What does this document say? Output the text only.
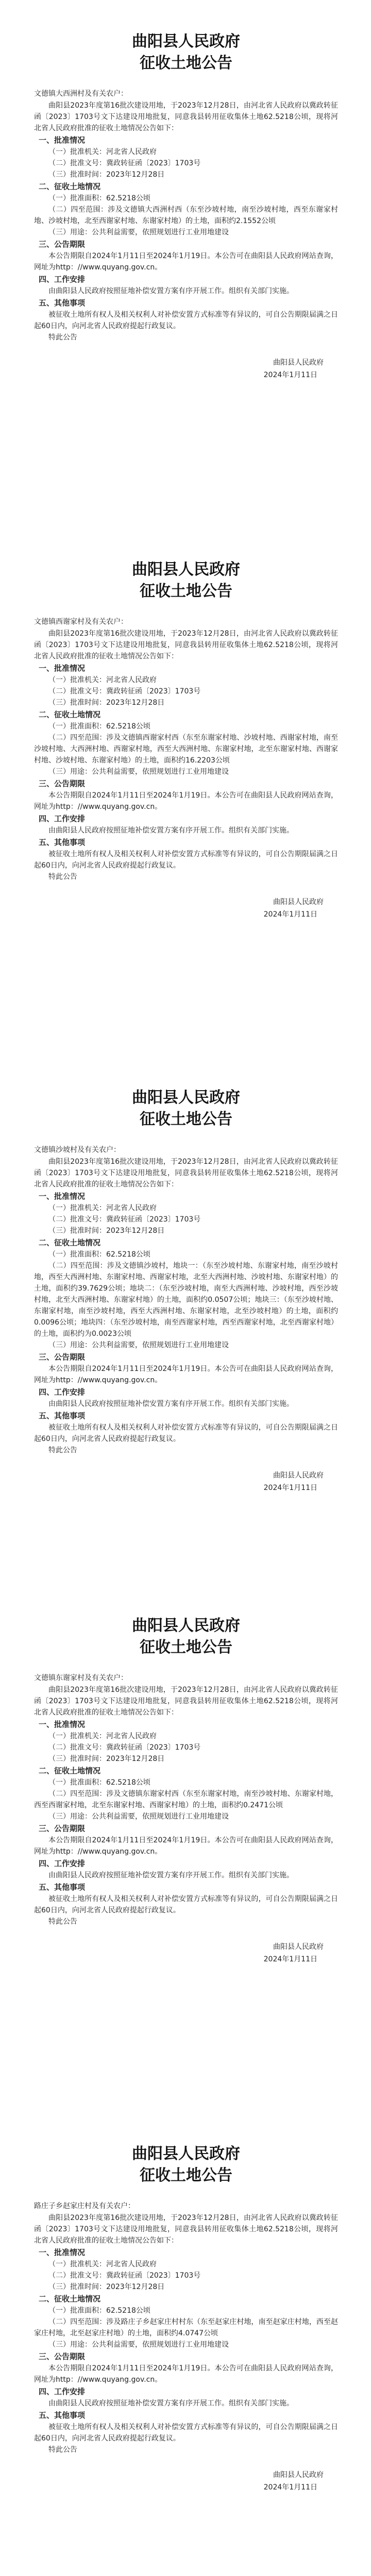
曲阳县人民政府
征收土地公告
文德镇大西洲村及有关农户：

曲阳县2023年度第16批次建设用地，于2023年12月28日，由河北省人民政府以冀政转征函〔2023〕1703号文下达建设用地批复，同意我县转用征收集体土地62.5218公顷，现将河北省人民政府批准的征收土地情况公告如下：

一、批准情况

（一）批准机关：河北省人民政府

（二）批准文号：冀政转征函〔2023〕1703号

（三）批准时间：2023年12月28日

二、征收土地情况

（一）批准面积：62.5218公顷

（二）四至范围：涉及文德镇大西洲村西（东至沙坡村地，南至沙坡村地，西至东谢家村地、沙坡村地，北至西谢家村地、东谢家村地）的土地，面积约2.1552公顷

（三）用途：公共利益需要，依照规划进行工业用地建设

三、公告期限

本公告期限自2024年1月11日至2024年1月19日。本公告可在曲阳县人民政府网站查询，网址为http：//www.quyang.gov.cn。

四、工作安排

由曲阳县人民政府按照征地补偿安置方案有序开展工作。组织有关部门实施。

五、其他事项

被征收土地所有权人及相关权利人对补偿安置方式标准等有异议的，可自公告期限届满之日起60日内，向河北省人民政府提起行政复议。

特此公告

曲阳县人民政府
2024年1月11日
曲阳县人民政府
征收土地公告
文德镇西谢家村及有关农户：

曲阳县2023年度第16批次建设用地，于2023年12月28日，由河北省人民政府以冀政转征函〔2023〕1703号文下达建设用地批复，同意我县转用征收集体土地62.5218公顷，现将河北省人民政府批准的征收土地情况公告如下：

一、批准情况

（一）批准机关：河北省人民政府

（二）批准文号：冀政转征函〔2023〕1703号

（三）批准时间：2023年12月28日

二、征收土地情况

（一）批准面积：62.5218公顷

（二）四至范围：涉及文德镇西谢家村西（东至东谢家村地、沙坡村地、西谢家村地，南至沙坡村地、大西洲村地、西谢家村地，西至大西洲村地、东谢家村地，北至东谢家村地、西谢家村地、沙坡村地、东谢家村地）的土地，面积约16.2203公顷

（三）用途：公共利益需要，依照规划进行工业用地建设

三、公告期限

本公告期限自2024年1月11日至2024年1月19日。本公告可在曲阳县人民政府网站查询，网址为http：//www.quyang.gov.cn。

四、工作安排

由曲阳县人民政府按照征地补偿安置方案有序开展工作。组织有关部门实施。

五、其他事项

被征收土地所有权人及相关权利人对补偿安置方式标准等有异议的，可自公告期限届满之日起60日内，向河北省人民政府提起行政复议。

特此公告

曲阳县人民政府
2024年1月11日
曲阳县人民政府
征收土地公告
文德镇沙坡村及有关农户：

曲阳县2023年度第16批次建设用地，于2023年12月28日，由河北省人民政府以冀政转征函〔2023〕1703号文下达建设用地批复，同意我县转用征收集体土地62.5218公顷，现将河北省人民政府批准的征收土地情况公告如下：

一、批准情况

（一）批准机关：河北省人民政府

（二）批准文号：冀政转征函〔2023〕1703号

（三）批准时间：2023年12月28日

二、征收土地情况

（一）批准面积：62.5218公顷

（二）四至范围：涉及文德镇沙坡村，地块一：（东至沙坡村地、东谢家村地，南至沙坡村地，西至大西洲村地、东谢家村地、西谢家村地，北至大西洲村地、沙坡村地、东谢家村地）的土地，面积约39.7629公顷；地块二：（东至沙坡村地，南至大西洲村地、沙坡村地，西至沙坡村地，北至大西洲村地、东谢家村地）的土地，面积约0.0507公顷；地块三：（东至沙坡村地、东谢家村地，南至沙坡村地，西至大西洲村地、东谢家村地，北至沙坡村地）的土地，面积约0.0096公顷；地块四：（东至沙坡村地，南至西谢家村地，西至西谢家村地，北至西谢家村地）的土地，面积约为0.0023公顷

（三）用途：公共利益需要，依照规划进行工业用地建设

三、公告期限

本公告期限自2024年1月11日至2024年1月19日。本公告可在曲阳县人民政府网站查询，网址为http：//www.quyang.gov.cn。

四、工作安排

由曲阳县人民政府按照征地补偿安置方案有序开展工作。组织有关部门实施。

五、其他事项

被征收土地所有权人及相关权利人对补偿安置方式标准等有异议的，可自公告期限届满之日起60日内，向河北省人民政府提起行政复议。

特此公告

曲阳县人民政府
2024年1月11日
曲阳县人民政府
征收土地公告
文德镇东谢家村及有关农户：

曲阳县2023年度第16批次建设用地，于2023年12月28日，由河北省人民政府以冀政转征函〔2023〕1703号文下达建设用地批复，同意我县转用征收集体土地62.5218公顷，现将河北省人民政府批准的征收土地情况公告如下：

一、批准情况

（一）批准机关：河北省人民政府

（二）批准文号：冀政转征函〔2023〕1703号

（三）批准时间：2023年12月28日

二、征收土地情况

（一）批准面积：62.5218公顷

（二）四至范围：涉及文德镇东谢家村西（东至东谢家村地，南至沙坡村地、东谢家村地，西至西谢家村地，北至东谢家村地、西谢家村地）的土地，面积约0.2471公顷

（三）用途：公共利益需要，依照规划进行工业用地建设

三、公告期限

本公告期限自2024年1月11日至2024年1月19日。本公告可在曲阳县人民政府网站查询，网址为http：//www.quyang.gov.cn。

四、工作安排

由曲阳县人民政府按照征地补偿安置方案有序开展工作。组织有关部门实施。

五、其他事项

被征收土地所有权人及相关权利人对补偿安置方式标准等有异议的，可自公告期限届满之日起60日内，向河北省人民政府提起行政复议。

特此公告

曲阳县人民政府
2024年1月11日
曲阳县人民政府
征收土地公告
路庄子乡赵家庄村及有关农户：

曲阳县2023年度第16批次建设用地，于2023年12月28日，由河北省人民政府以冀政转征函〔2023〕1703号文下达建设用地批复，同意我县转用征收集体土地62.5218公顷，现将河北省人民政府批准的征收土地情况公告如下：

一、批准情况

（一）批准机关：河北省人民政府

（二）批准文号：冀政转征函〔2023〕1703号

（三）批准时间：2023年12月28日

二、征收土地情况

（一）批准面积：62.5218公顷

（二）四至范围：涉及路庄子乡赵家庄村村东（东至赵家庄村地，南至赵家庄村地，西至赵家庄村地，北至赵家庄村地）的土地，面积约4.0747公顷

（三）用途：公共利益需要，依照规划进行工业用地建设

三、公告期限

本公告期限自2024年1月11日至2024年1月19日。本公告可在曲阳县人民政府网站查询，网址为http：//www.quyang.gov.cn。

四、工作安排

由曲阳县人民政府按照征地补偿安置方案有序开展工作。组织有关部门实施。

五、其他事项

被征收土地所有权人及相关权利人对补偿安置方式标准等有异议的，可自公告期限届满之日起60日内，向河北省人民政府提起行政复议。

特此公告

曲阳县人民政府
2024年1月11日
